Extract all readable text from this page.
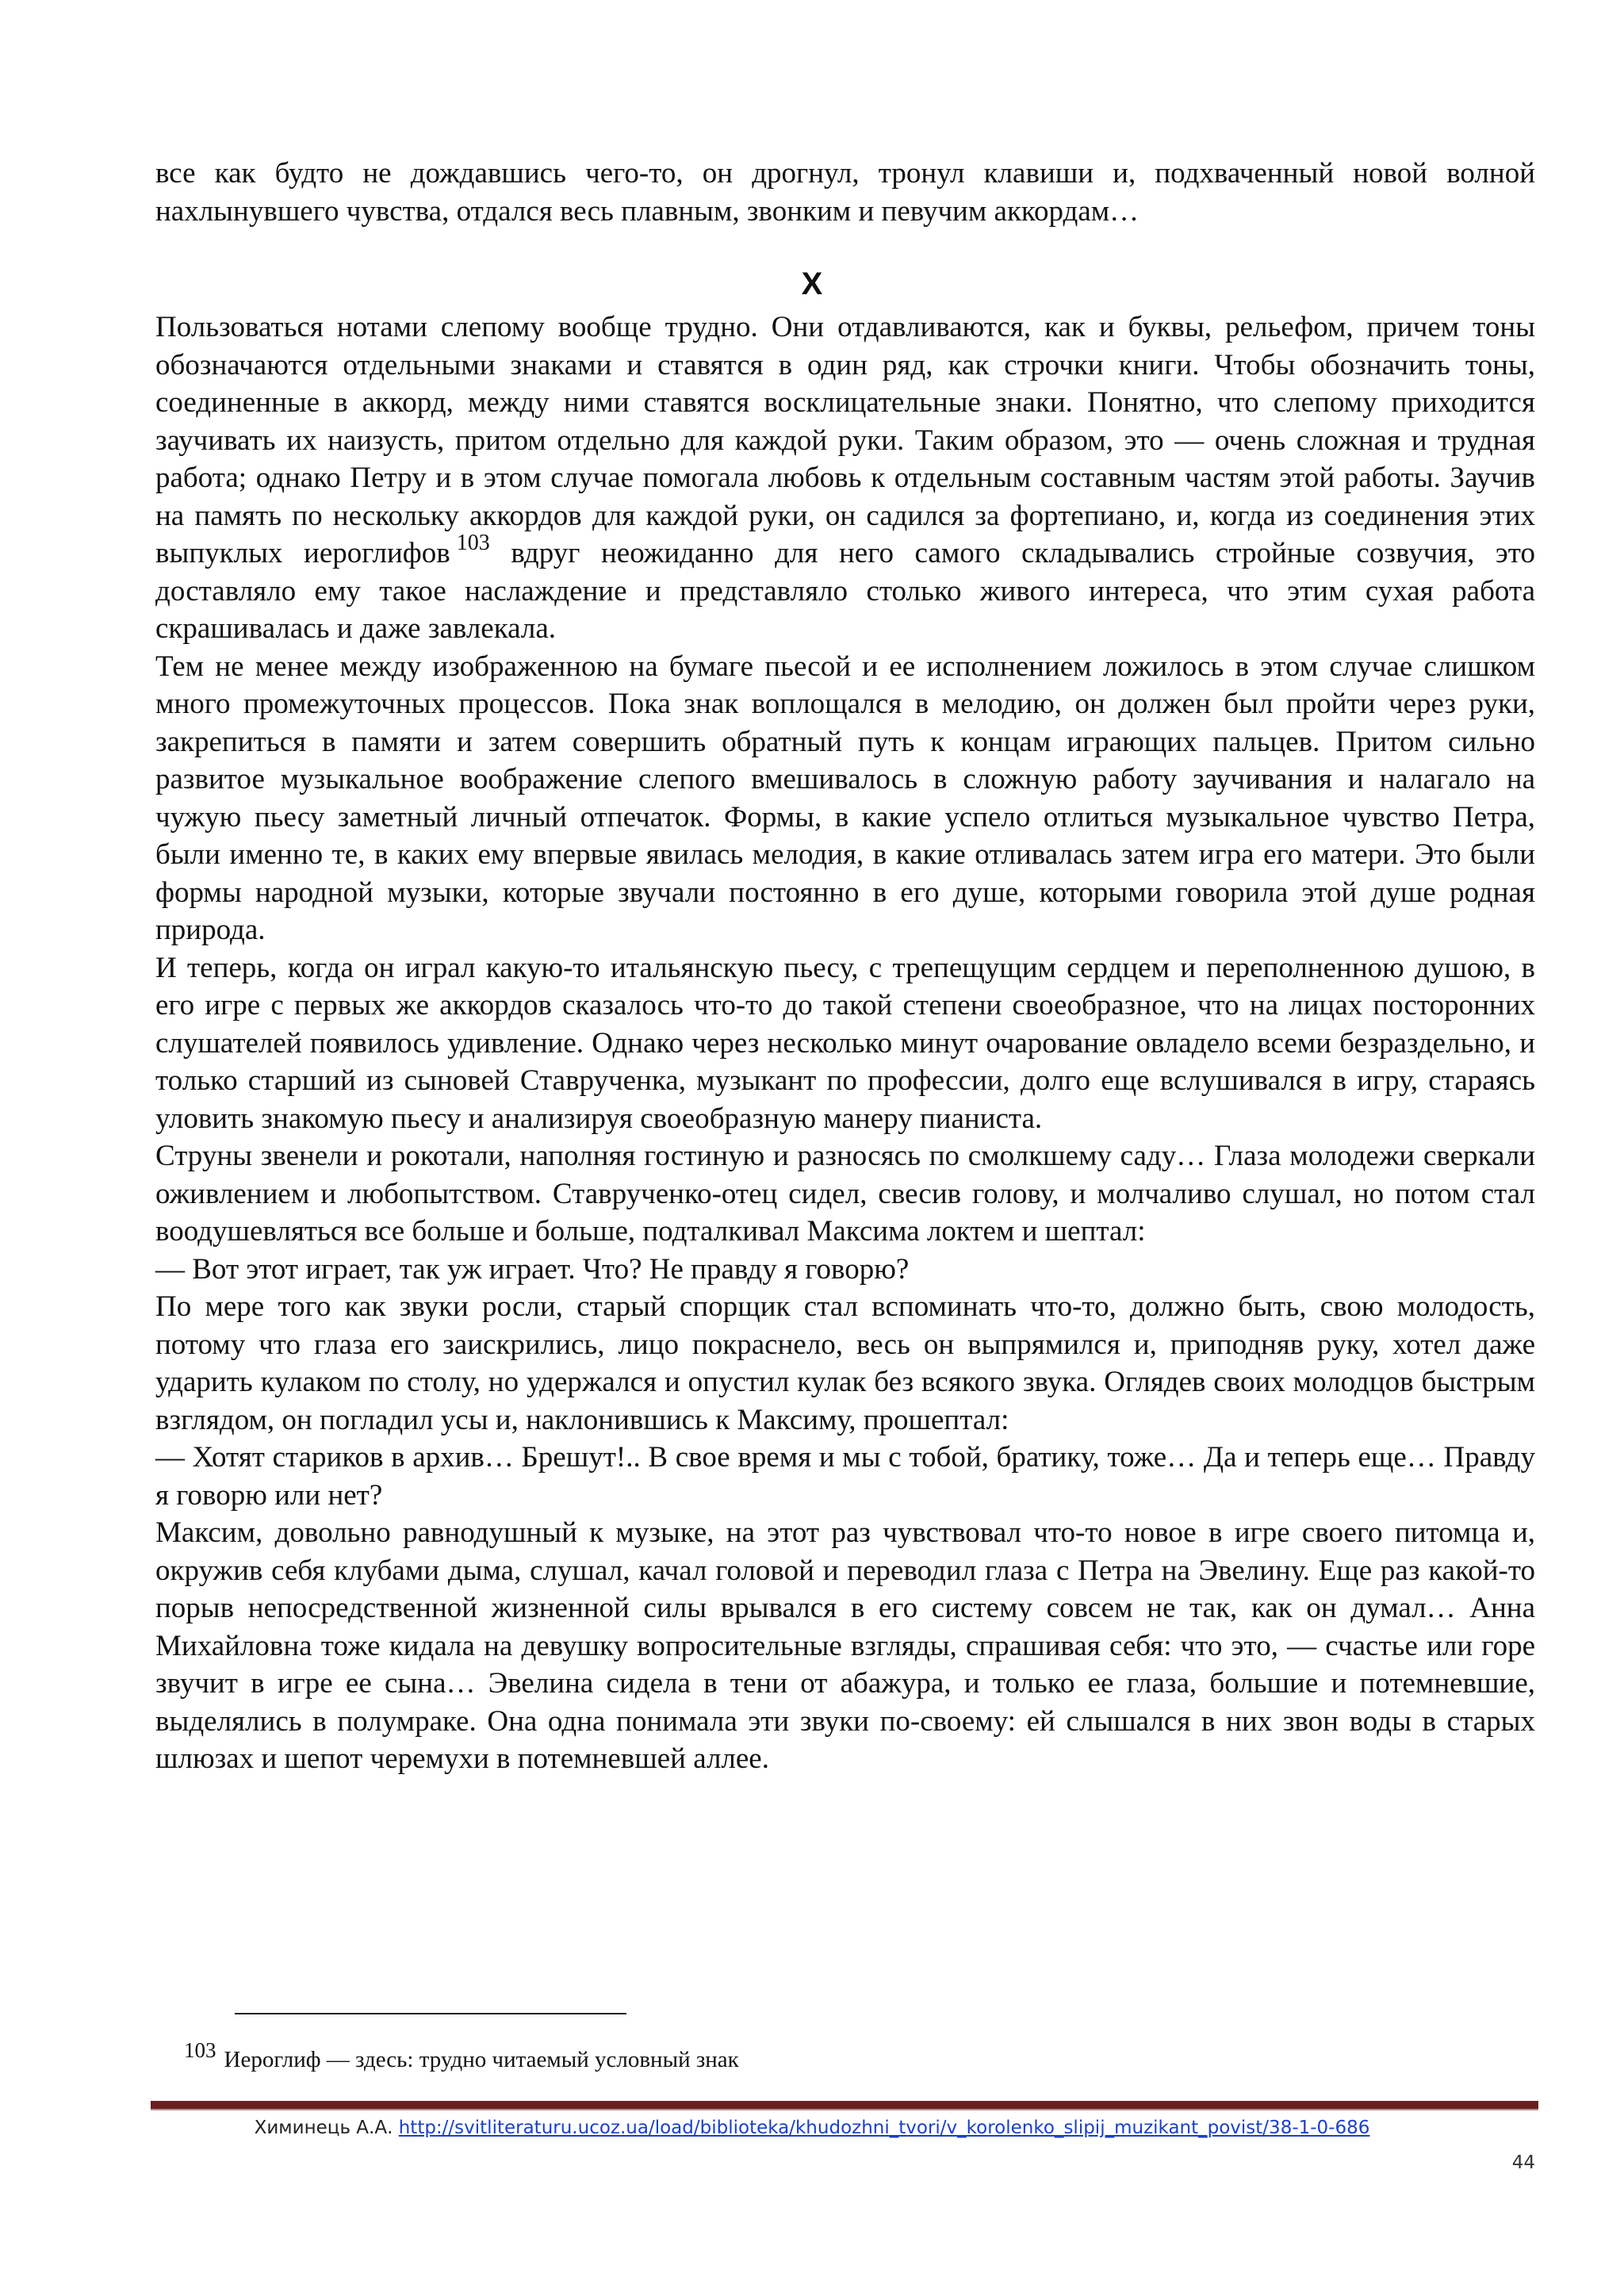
все как будто не дождавшись чего-то, он дрогнул, тронул клавиши и, подхваченный новой волной нахлынувшего чувства, отдался весь плавным, звонким и певучим аккордам…

X

Пользоваться нотами слепому вообще трудно. Они отдавливаются, как и буквы, рельефом, причем тоны обозначаются отдельными знаками и ставятся в один ряд, как строчки книги. Чтобы обозначить тоны, соединенные в аккорд, между ними ставятся восклицательные знаки. Понятно, что слепому приходится заучивать их наизусть, притом отдельно для каждой руки. Таким образом, это — очень сложная и трудная работа; однако Петру и в этом случае помогала любовь к отдельным составным частям этой работы. Заучив на память по нескольку аккордов для каждой руки, он садился за фортепиано, и, когда из соединения этих выпуклых иероглифов $^{103}$ вдруг неожиданно для него самого складывались стройные созвучия, это доставляло ему такое наслаждение и представляло столько живого интереса, что этим сухая работа скрашивалась и даже завлекала.

Тем не менее между изображенною на бумаге пьесой и ее исполнением ложилось в этом случае слишком много промежуточных процессов. Пока знак воплощался в мелодию, он должен был пройти через руки, закрепиться в памяти и затем совершить обратный путь к концам играющих пальцев. Притом сильно развитое музыкальное воображение слепого вмешивалось в сложную работу заучивания и налагало на чужую пьесу заметный личный отпечаток. Формы, в какие успело отлиться музыкальное чувство Петра, были именно те, в каких ему впервые явилась мелодия, в какие отливалась затем игра его матери. Это были формы народной музыки, которые звучали постоянно в его душе, которыми говорила этой душе родная природа.

И теперь, когда он играл какую-то итальянскую пьесу, с трепещущим сердцем и переполненною душою, в его игре с первых же аккордов сказалось что-то до такой степени своеобразное, что на лицах посторонних слушателей появилось удивление. Однако через несколько минут очарование овладело всеми безраздельно, и только старший из сыновей Ставрученка, музыкант по профессии, долго еще вслушивался в игру, стараясь уловить знакомую пьесу и анализируя своеобразную манеру пианиста.

Струны звенели и рокотали, наполняя гостиную и разносясь по смолкшему саду… Глаза молодежи сверкали оживлением и любопытством. Ставрученко-отец сидел, свесив голову, и молчаливо слушал, но потом стал воодушевляться все больше и больше, подталкивал Максима локтем и шептал:

— Вот этот играет, так уж играет. Что? Не правду я говорю?

По мере того как звуки росли, старый спорщик стал вспоминать что-то, должно быть, свою молодость, потому что глаза его заискрились, лицо покраснело, весь он выпрямился и, приподняв руку, хотел даже ударить кулаком по столу, но удержался и опустил кулак без всякого звука. Оглядев своих молодцов быстрым взглядом, он погладил усы и, наклонившись к Максиму, прошептал:

— Хотят стариков в архив… Брешут!.. В свое время и мы с тобой, братику, тоже… Да и теперь еще… Правду я говорю или нет?

Максим, довольно равнодушный к музыке, на этот раз чувствовал что-то новое в игре своего питомца и, окружив себя клубами дыма, слушал, качал головой и переводил глаза с Петра на Эвелину. Еще раз какой-то порыв непосредственной жизненной силы врывался в его систему совсем не так, как он думал… Анна Михайловна тоже кидала на девушку вопросительные взгляды, спрашивая себя: что это, — счастье или горе звучит в игре ее сына… Эвелина сидела в тени от абажура, и только ее глаза, большие и потемневшие, выделялись в полумраке. Она одна понимала эти звуки по-своему: ей слышался в них звон воды в старых шлюзах и шепот черемухи в потемневшей аллее.

103 Иероглиф — здесь: трудно читаемый условный знак
Химинець А.А. http://svitliteraturu.ucoz.ua/load/biblioteka/khudozhni_tvori/v_korolenko_slipij_muzikant_povist/38-1-0-686
44
